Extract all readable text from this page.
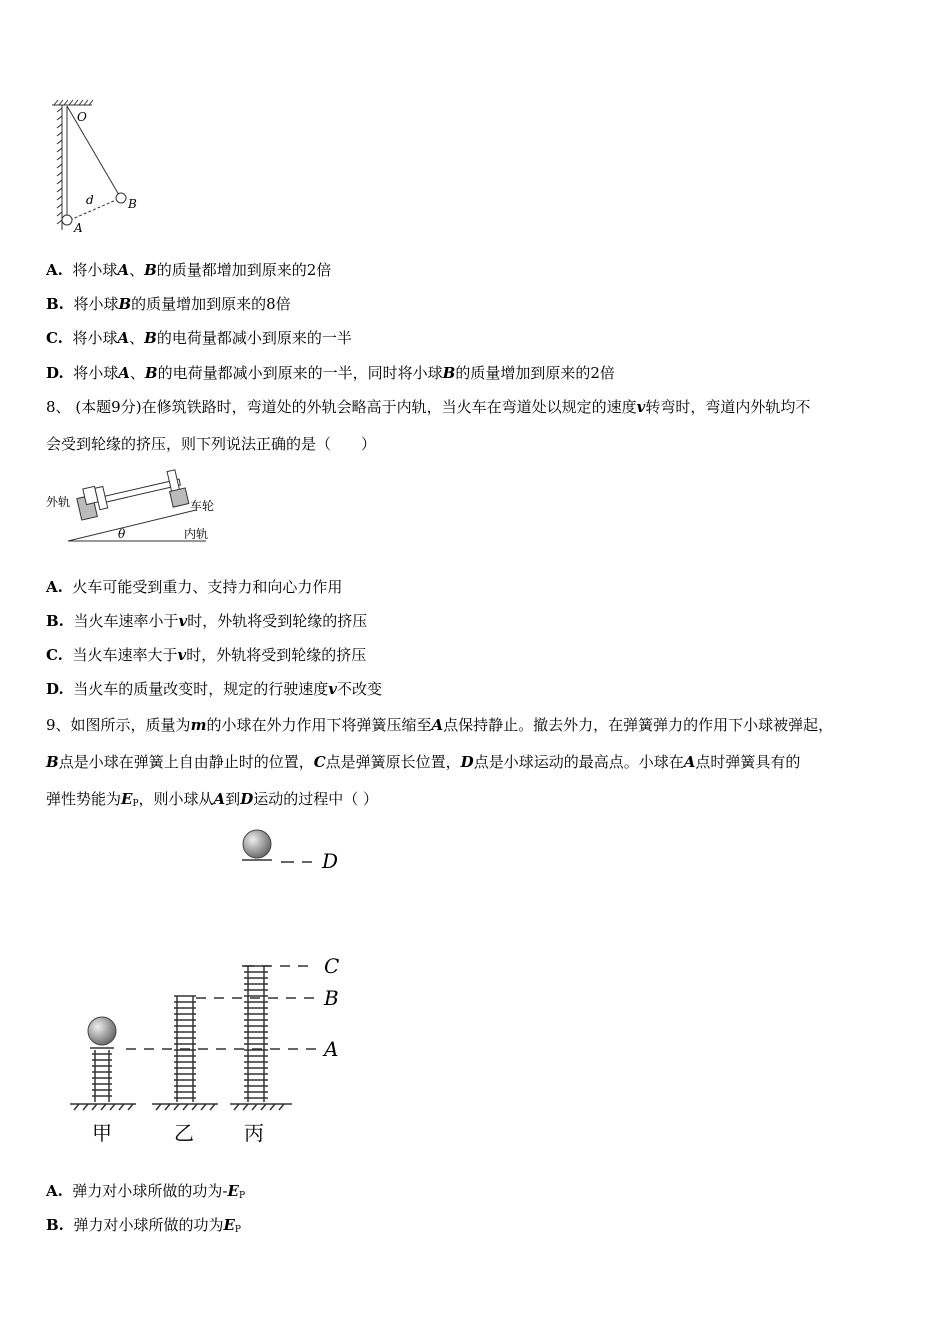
O
d	B
A
A. 将小球A、B的质量都增加到原来的2倍
B. 将小球B的质量增加到原来的8倍
C. 将小球A、B的电荷量都减小到原来的一半
D. 将小球A、B的电荷量都减小到原来的一半，同时将小球B的质量增加到原来的2倍
8、 (本题9分)在修筑铁路时，弯道处的外轨会略高于内轨，当火车在弯道处以规定的速度v转弯时，弯道内外轨均不
会受到轮缘的挤压，则下列说法正确的是（　　）
外轨	车轮
内轨
θ
A. 火车可能受到重力、支持力和向心力作用
B. 当火车速率小于v时，外轨将受到轮缘的挤压
C. 当火车速率大于v时，外轨将受到轮缘的挤压
D. 当火车的质量改变时，规定的行驶速度v不改变
9、如图所示，质量为m的小球在外力作用下将弹簧压缩至A点保持静止。撤去外力，在弹簧弹力的作用下小球被弹起，
B点是小球在弹簧上自由静止时的位置，C点是弹簧原长位置，D点是小球运动的最高点。小球在A点时弹簧具有的
弹性势能为$E_P$，则小球从A到D运动的过程中（ ）
D
C
B
A
甲	乙	丙
A. 弹力对小球所做的功为$-E_P$
B. 弹力对小球所做的功为$E_P$
